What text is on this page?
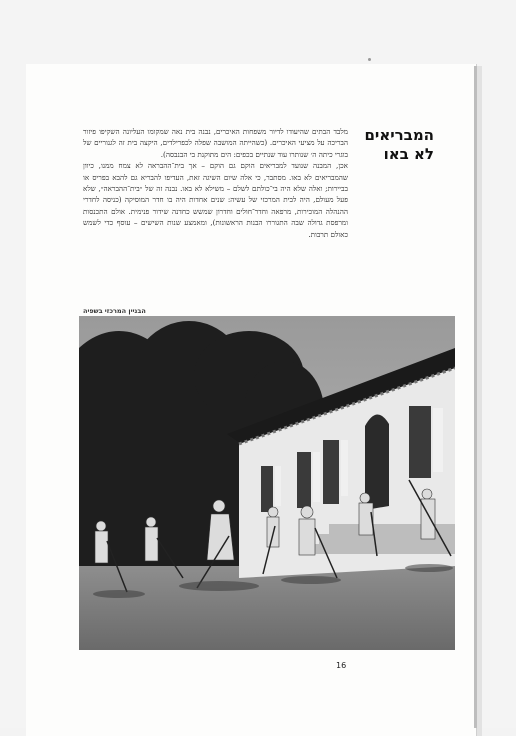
המבריאים
לא באו

מלבד הבתים שהיעודו לדיור משפחות האיכרים, נבנה בית נאה שמקומו העליונה השקיפו פיזור הבריכה על מציעי האיכרים. (כשהייתה המושבה שפלה לכפרילדים, היקצה בית זה לגנוריים של בוגרי כיתה ה׳ שנותרו עוד שנתיים בכפים: הים מתוקנת בי הבנבסה).

אכן, המבנה שנועד למבריאים הוקם גם הוקם – אך בית־ההבראה לא צמח ממנו, כיוון שהמבריאים לא באו. מסתבר, כי אלה שיום השיגה זאת, העדיפו להבריא גם להבא בפריס או בביירות; ואלה שלא היה בי־כולתם לשלם – משילא לא באו. נבנה זה של ״בית־ההבראה״, שלא פעל מעולם, היה לבית המרכזי של עשיה: שנים אחדות היה בו חדר המוסיקה (כניסה לחדרי ההנהלה המוכירות, מרפאה וחדר־חולים וחדרון שמשש כחדנה שידור פנימית. אולם התכנסות ומרפסת גדולה שבה התגוררו הבנות הראשונות), ומאמצע שנות השישים – עוסף כדי לשמש כאולם תרבות.

הבניין המרכזי בשפיה
16
